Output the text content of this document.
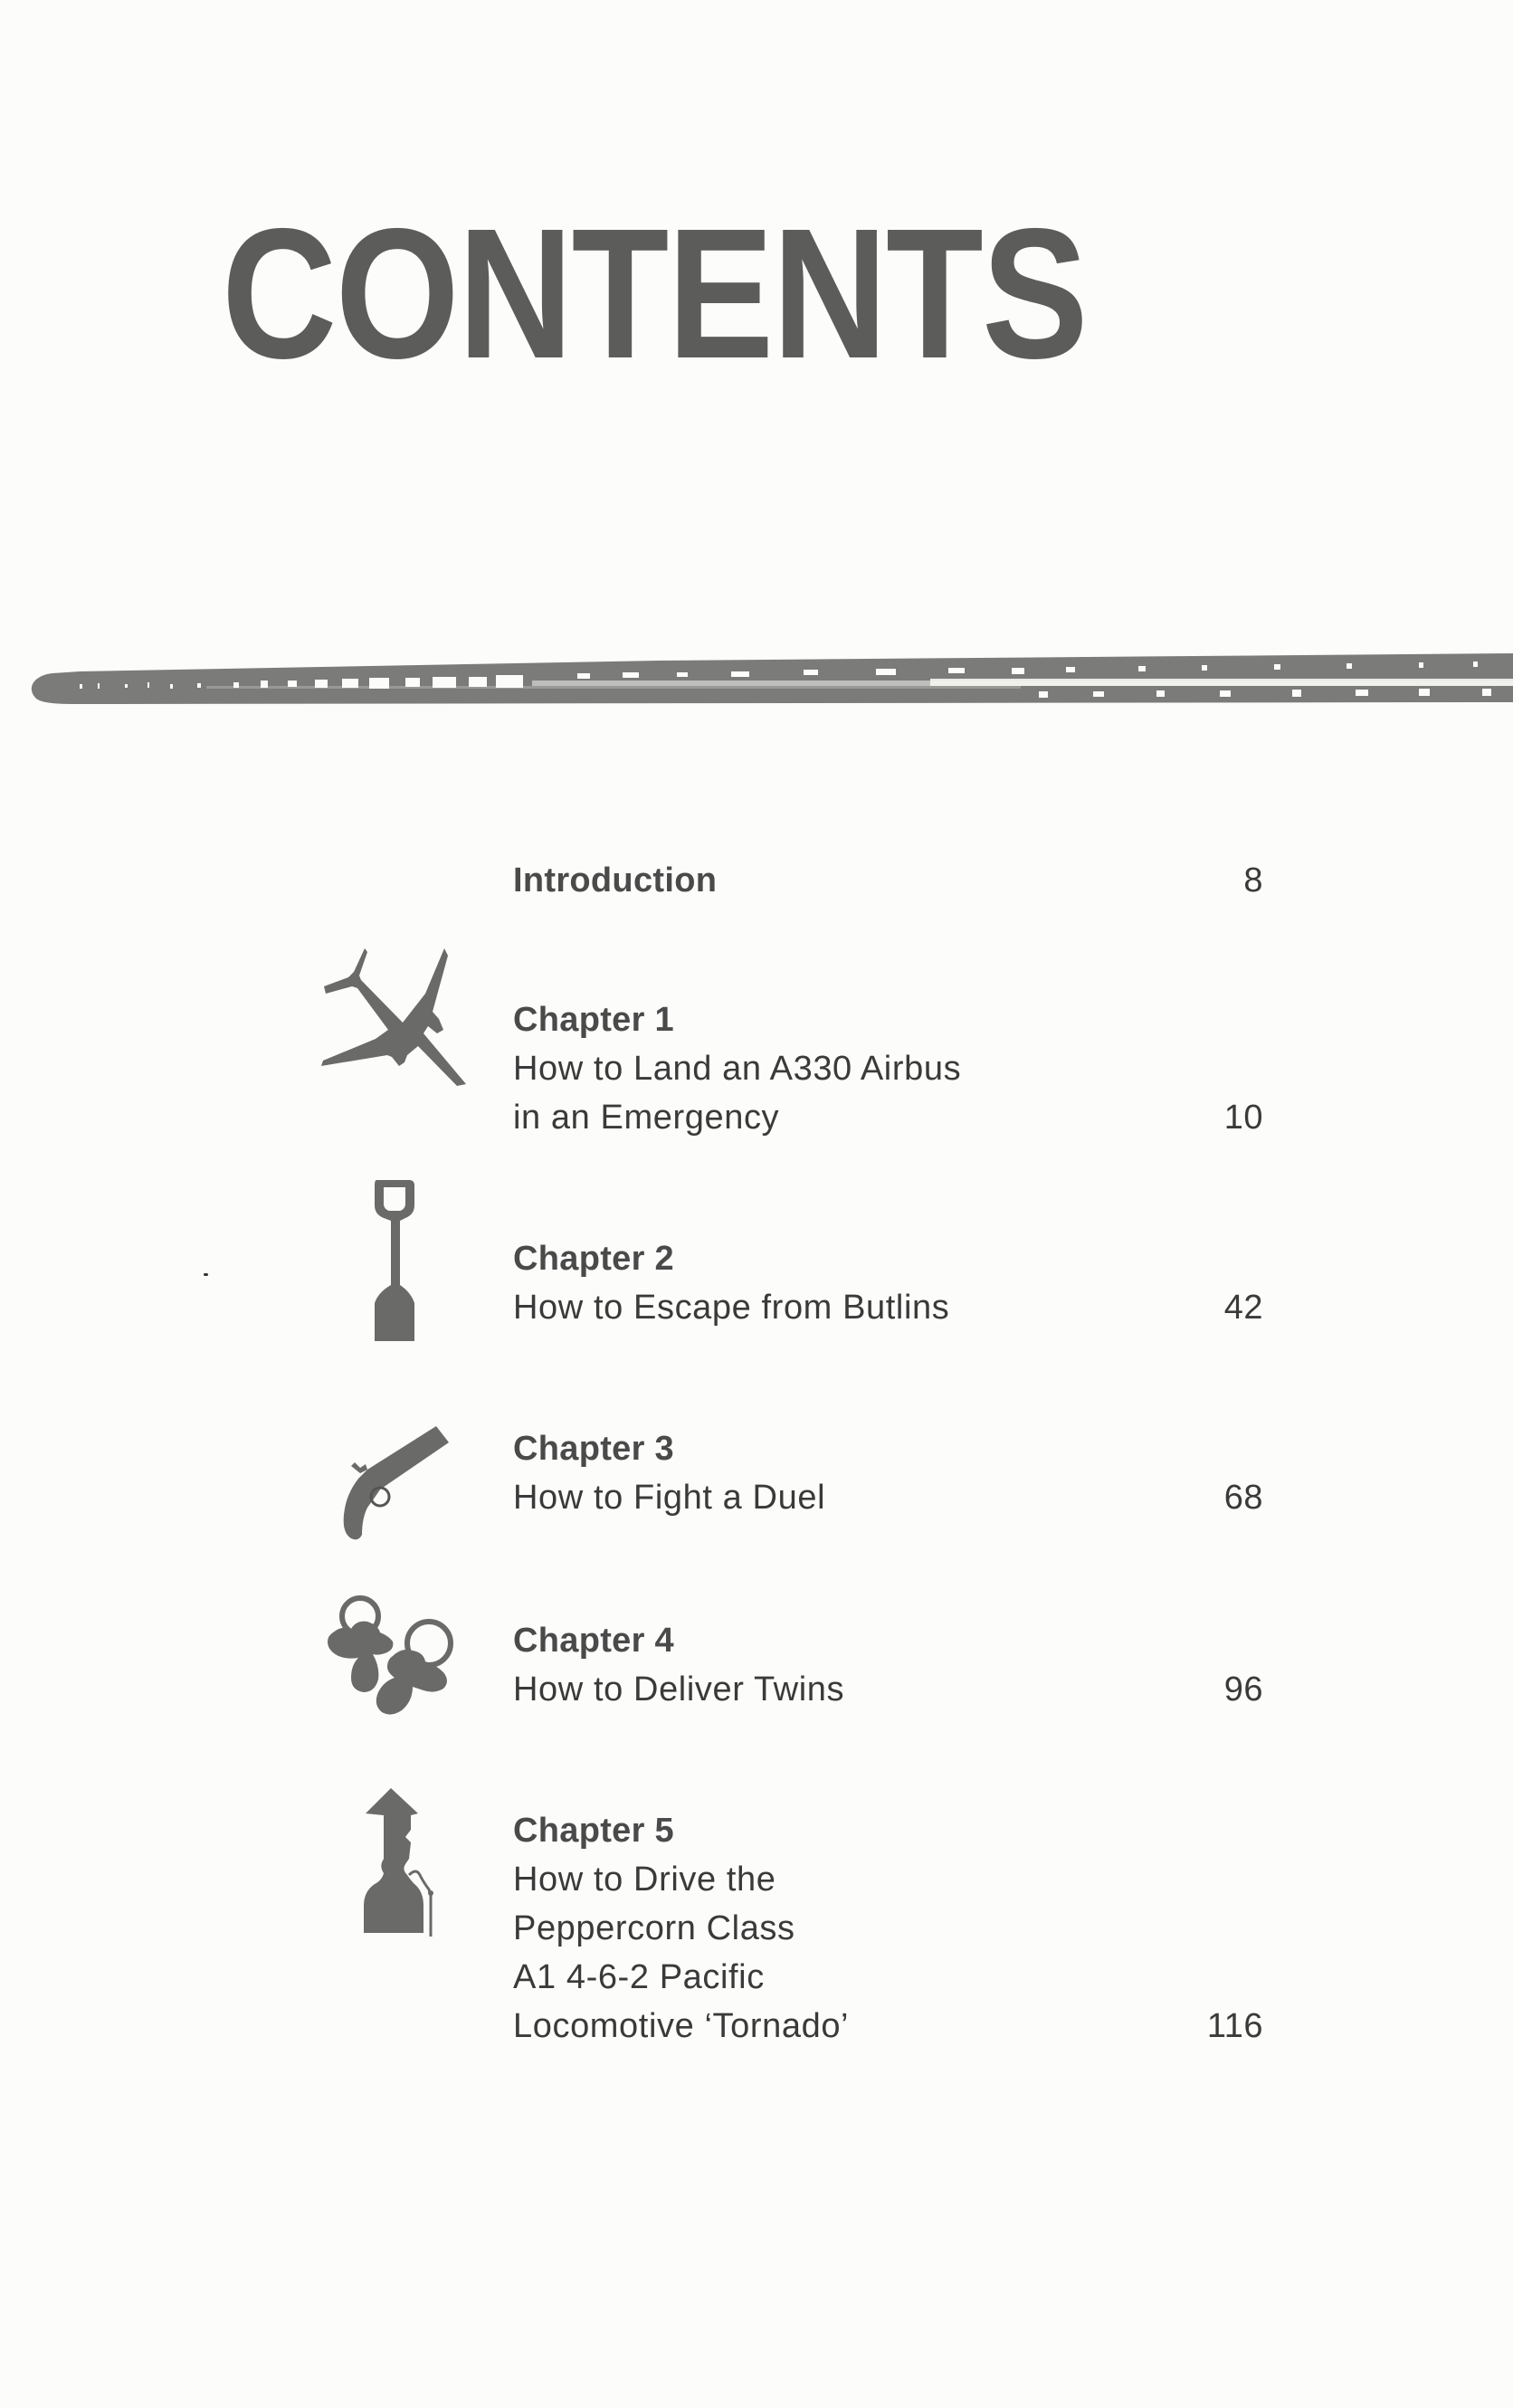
CONTENTS
Introduction	8
Chapter 1
How to Land an A330 Airbus
in an Emergency	10
Chapter 2
How to Escape from Butlins	42
Chapter 3
How to Fight a Duel	68
Chapter 4
How to Deliver Twins	96
Chapter 5
How to Drive the
Peppercorn Class
A1 4-6-2 Pacific
Locomotive ‘Tornado’	116
